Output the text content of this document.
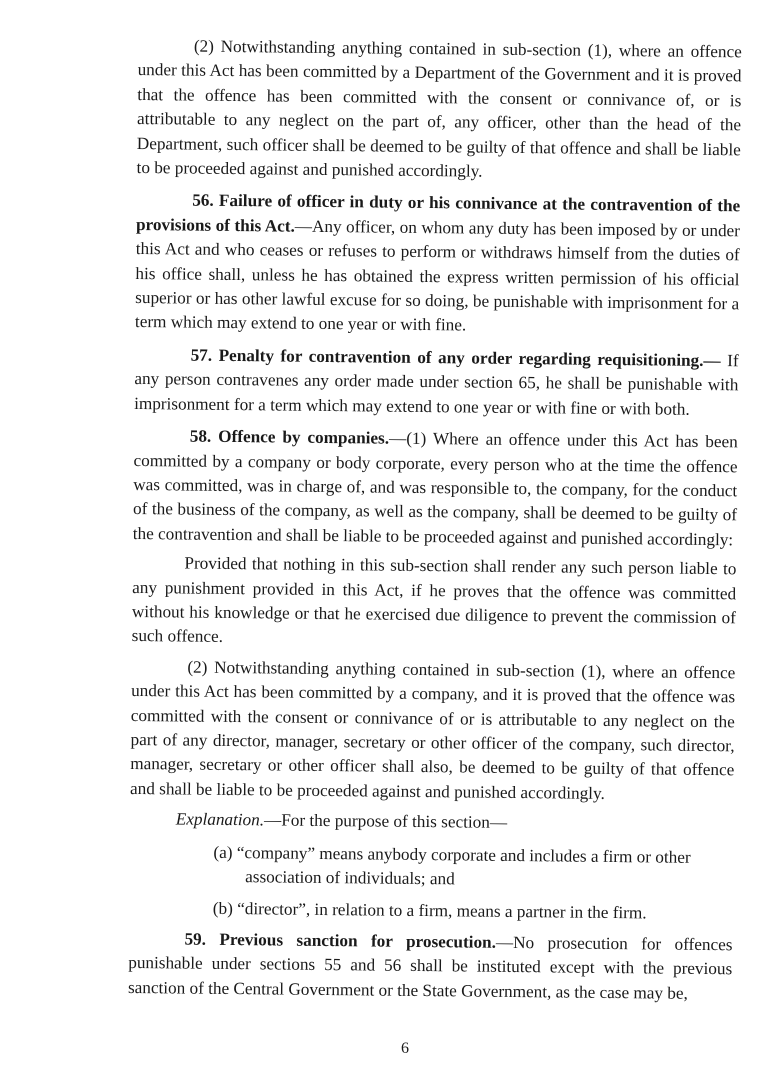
(2) Notwithstanding anything contained in sub-section (1), where an offence under this Act has been committed by a Department of the Government and it is proved that the offence has been committed with the consent or connivance of, or is attributable to any neglect on the part of, any officer, other than the head of the Department, such officer shall be deemed to be guilty of that offence and shall be liable to be proceeded against and punished accordingly.

56. Failure of officer in duty or his connivance at the contravention of the provisions of this Act.—Any officer, on whom any duty has been imposed by or under this Act and who ceases or refuses to perform or withdraws himself from the duties of his office shall, unless he has obtained the express written permission of his official superior or has other lawful excuse for so doing, be punishable with imprisonment for a term which may extend to one year or with fine.

57. Penalty for contravention of any order regarding requisitioning.— If any person contravenes any order made under section 65, he shall be punishable with imprisonment for a term which may extend to one year or with fine or with both.

58. Offence by companies.—(1) Where an offence under this Act has been committed by a company or body corporate, every person who at the time the offence was committed, was in charge of, and was responsible to, the company, for the conduct of the business of the company, as well as the company, shall be deemed to be guilty of the contravention and shall be liable to be proceeded against and punished accordingly:

Provided that nothing in this sub-section shall render any such person liable to any punishment provided in this Act, if he proves that the offence was committed without his knowledge or that he exercised due diligence to prevent the commission of such offence.

(2) Notwithstanding anything contained in sub-section (1), where an offence under this Act has been committed by a company, and it is proved that the offence was committed with the consent or connivance of or is attributable to any neglect on the part of any director, manager, secretary or other officer of the company, such director, manager, secretary or other officer shall also, be deemed to be guilty of that offence and shall be liable to be proceeded against and punished accordingly.

Explanation.—For the purpose of this section—

(a) “company” means anybody corporate and includes a firm or other association of individuals; and

(b) “director”, in relation to a firm, means a partner in the firm.

59. Previous sanction for prosecution.—No prosecution for offences punishable under sections 55 and 56 shall be instituted except with the previous sanction of the Central Government or the State Government, as the case may be,

6
